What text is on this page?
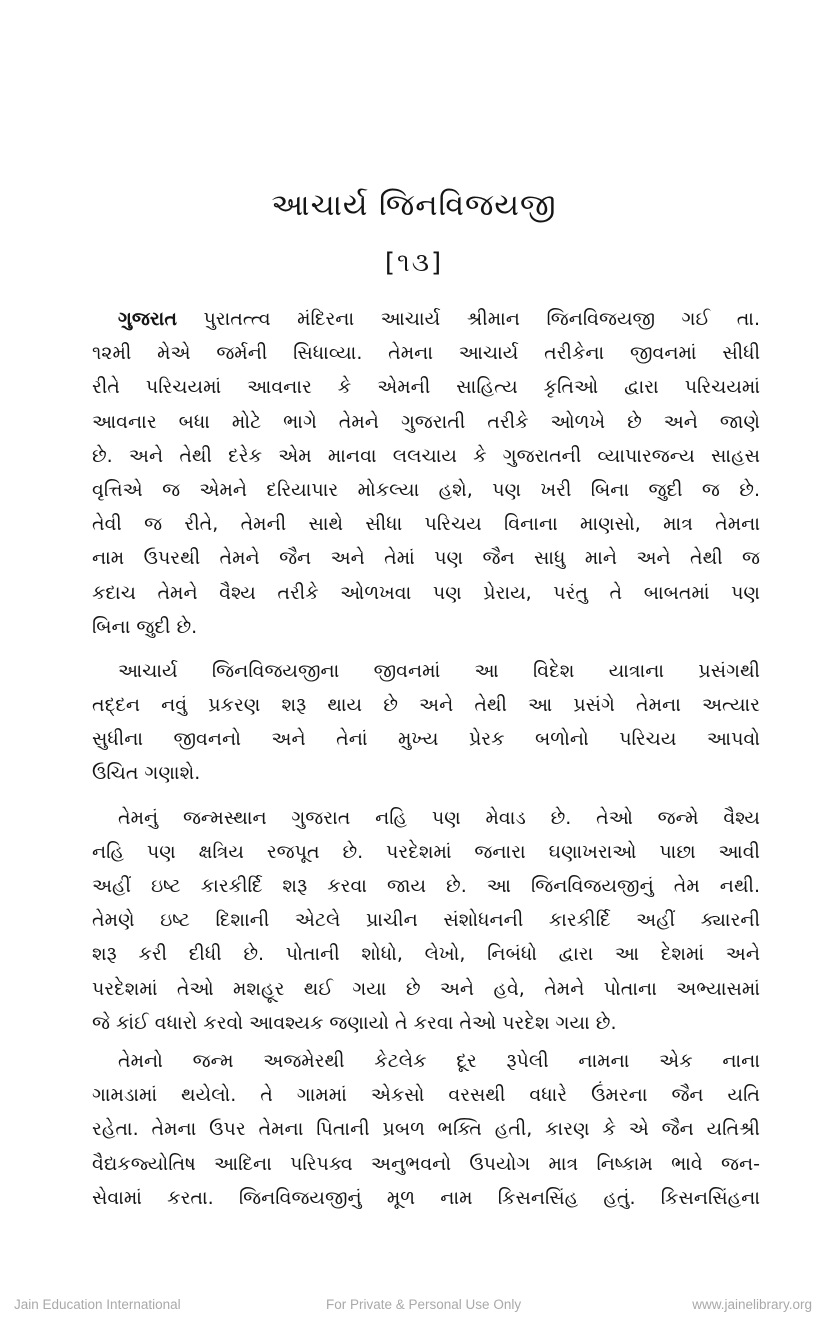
આચાર્ય જિનવિજયજી
[૧૩]
ગુજરાત પુરાતત્ત્વ મંદિરના આચાર્ય શ્રીમાન જિનવિજયજી ગઈ તા.
૧૨મી મેએ જર્મની સિધાવ્યા. તેમના આચાર્ય તરીકેના જીવનમાં સીધી
રીતે પરિચયમાં આવનાર કે એમની સાહિત્ય કૃતિઓ દ્વારા પરિચયમાં
આવનાર બધા મોટે ભાગે તેમને ગુજરાતી તરીકે ઓળખે છે અને જાણે
છે. અને તેથી દરેક એમ માનવા લલચાય કે ગુજરાતની વ્યાપારજન્ય સાહસ
વૃત્તિએ જ એમને દરિયાપાર મોકલ્યા હશે, પણ ખરી બિના જુદી જ છે.
તેવી જ રીતે, તેમની સાથે સીધા પરિચય વિનાના માણસો, માત્ર તેમના
નામ ઉપરથી તેમને જૈન અને તેમાં પણ જૈન સાધુ માને અને તેથી જ
કદાચ તેમને વૈશ્ય તરીકે ઓળખવા પણ પ્રેરાય, પરંતુ તે બાબતમાં પણ
બિના જુદી છે.
આચાર્ય જિનવિજયજીના જીવનમાં આ વિદેશ યાત્રાના પ્રસંગથી
તદ્દન નવું પ્રકરણ શરૂ થાય છે અને તેથી આ પ્રસંગે તેમના અત્યાર
સુધીના જીવનનો અને તેનાં મુખ્ય પ્રેરક બળોનો પરિચય આપવો
ઉચિત ગણાશે.
તેમનું જન્મસ્થાન ગુજરાત નહિ પણ મેવાડ છે. તેઓ જન્મે વૈશ્ય
નહિ પણ ક્ષત્રિય રજપૂત છે. પરદેશમાં જનારા ઘણાખરાઓ પાછા આવી
અહીં ઇષ્ટ કારકીર્દિ શરૂ કરવા જાય છે. આ જિનવિજયજીનું તેમ નથી.
તેમણે ઇષ્ટ દિશાની એટલે પ્રાચીન સંશોધનની કારકીર્દિ અહીં ક્યારની
શરૂ કરી દીધી છે. પોતાની શોધો, લેખો, નિબંધો દ્વારા આ દેશમાં અને
પરદેશમાં તેઓ મશહૂર થઈ ગયા છે અને હવે, તેમને પોતાના અભ્યાસમાં
જે કાંઈ વધારો કરવો આવશ્યક જણાયો તે કરવા તેઓ પરદેશ ગયા છે.
તેમનો જન્મ અજમેરથી કેટલેક દૂર રૂપેલી નામના એક નાના
ગામડામાં થયેલો. તે ગામમાં એકસો વરસથી વધારે ઉંમરના જૈન યતિ
રહેતા. તેમના ઉપર તેમના પિતાની પ્રબળ ભક્તિ હતી, કારણ કે એ જૈન યતિશ્રી
વૈદ્યકજ્યોતિષ આદિના પરિપક્વ અનુભવનો ઉપયોગ માત્ર નિષ્કામ ભાવે જન-
સેવામાં કરતા. જિનવિજયજીનું મૂળ નામ કિસનસિંહ હતું. કિસનસિંહના
Jain Education International	For Private & Personal Use Only	www.jainelibrary.org
